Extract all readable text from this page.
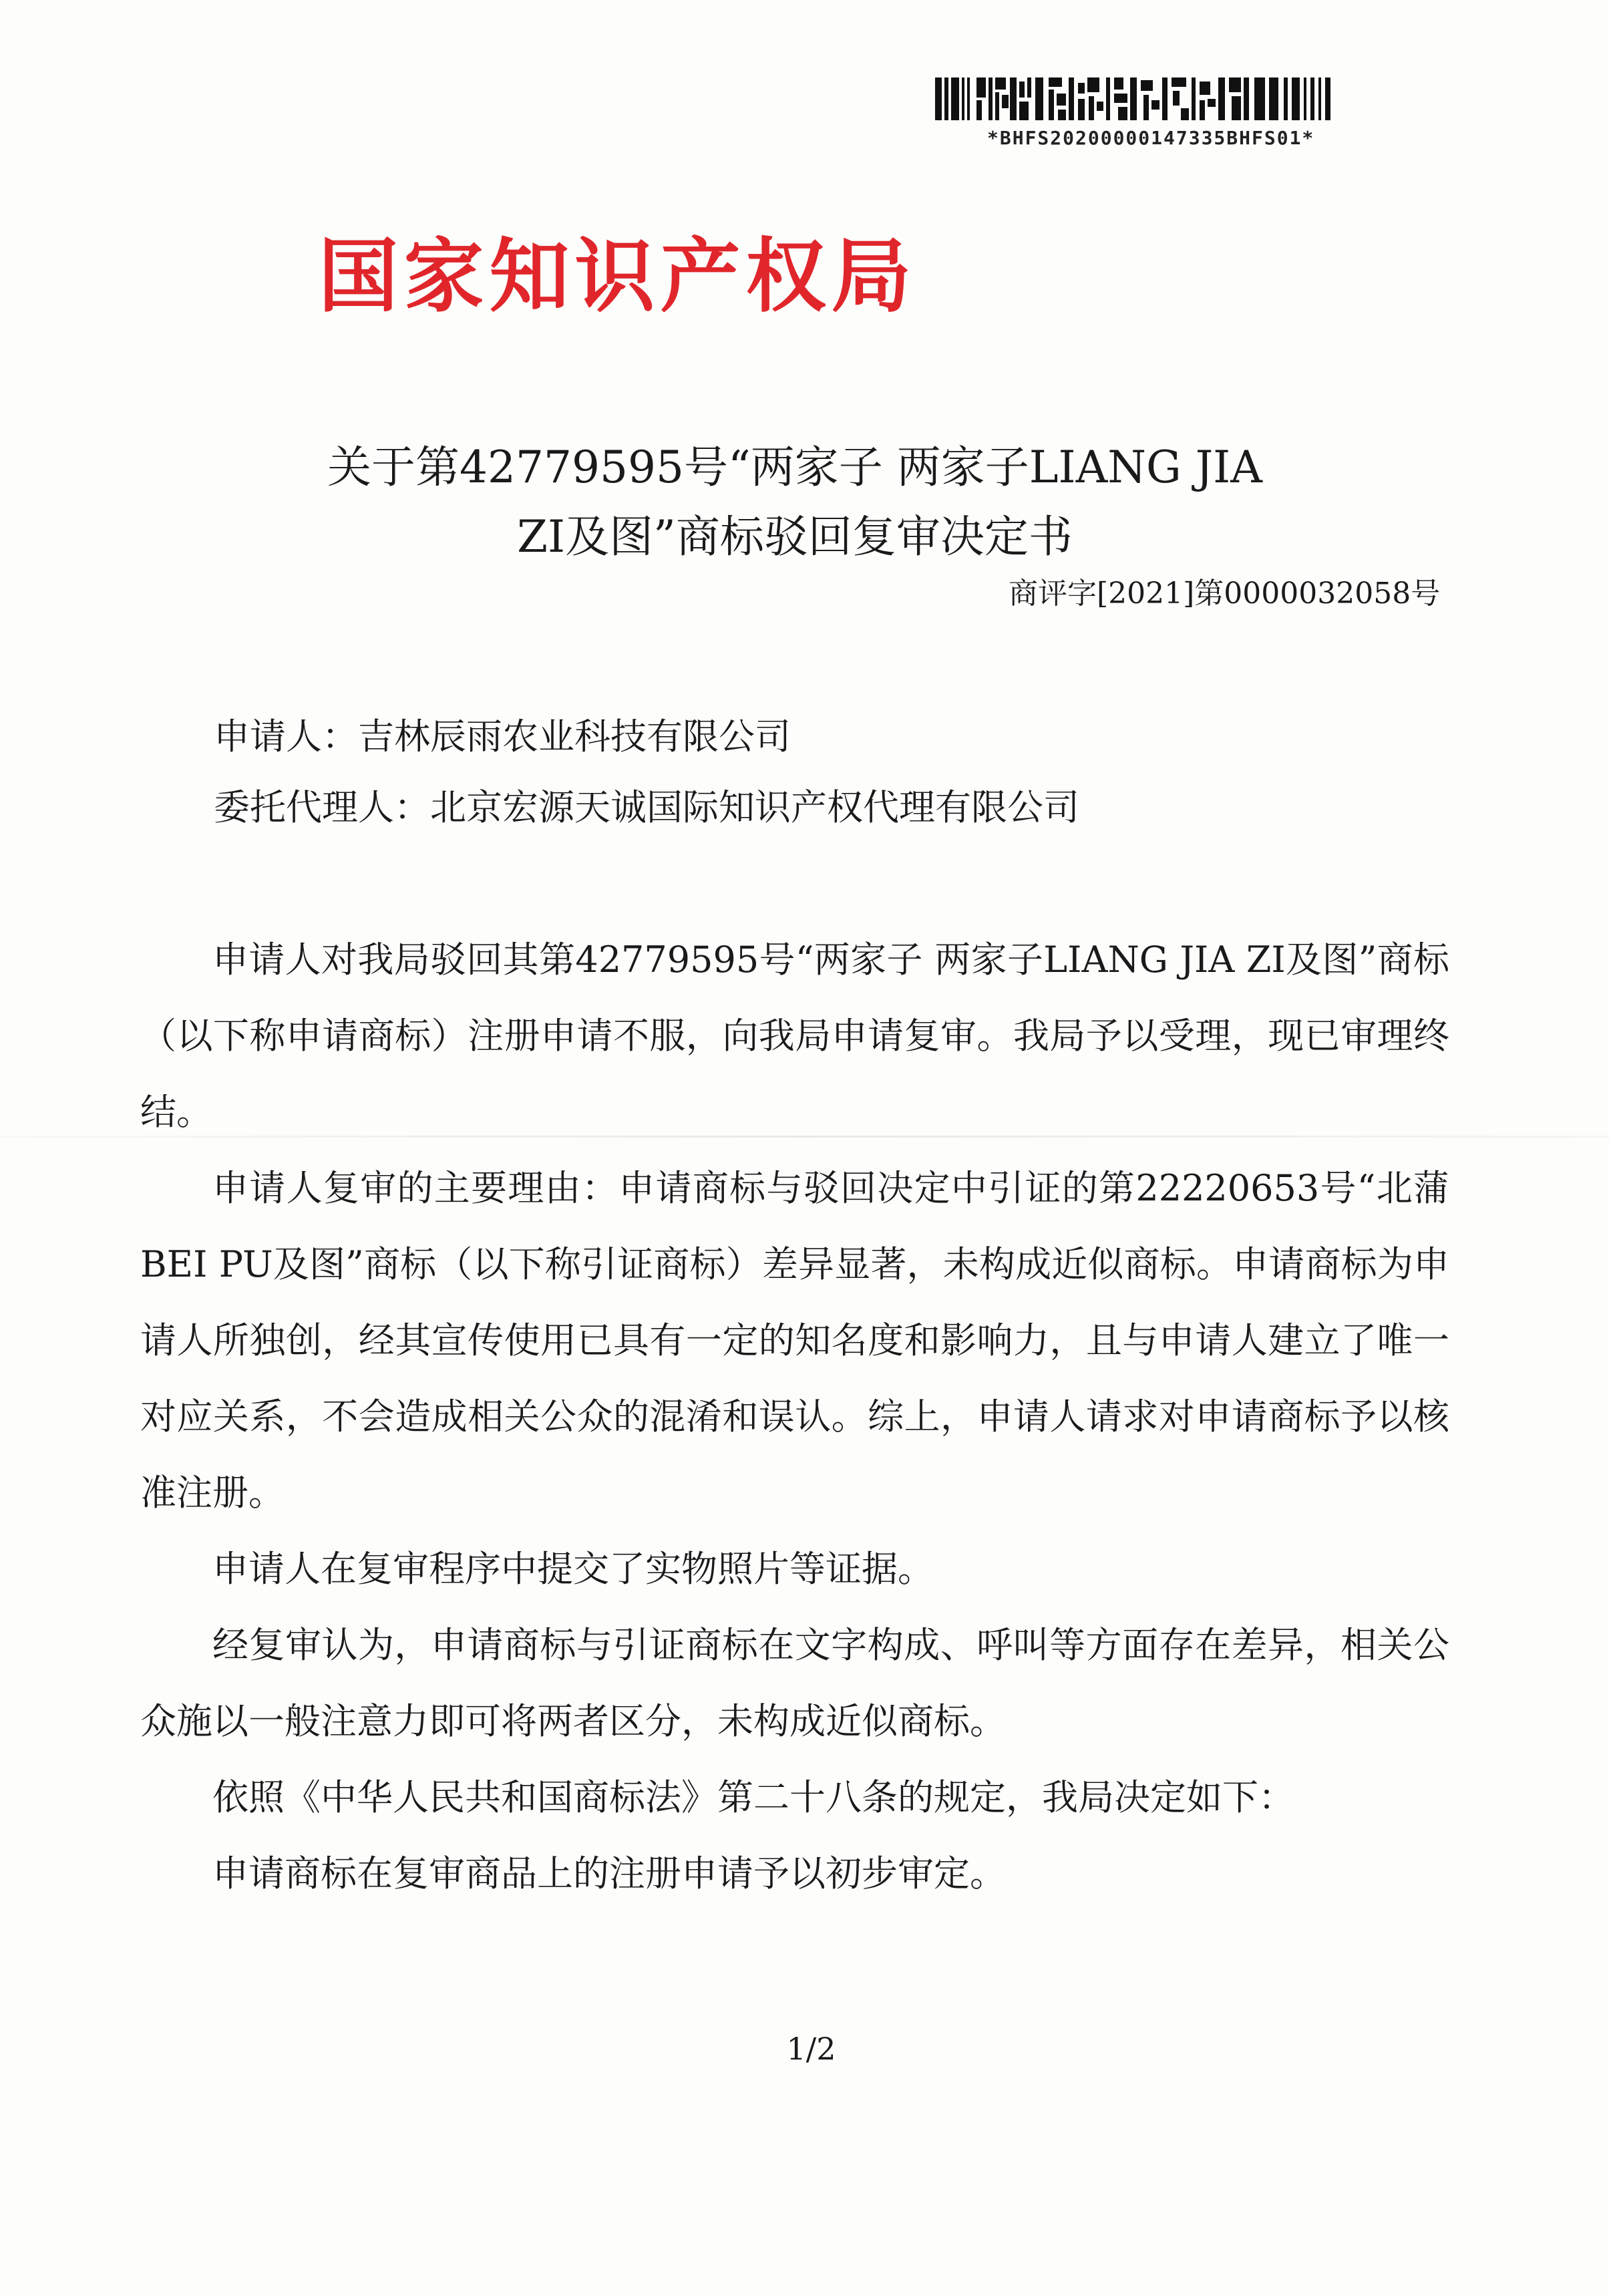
*BHFS20200000147335BHFS01*
国家知识产权局
关于第42779595号“两家子 两家子LIANG JIA
ZI及图”商标驳回复审决定书
商评字[2021]第0000032058号
申请人：吉林辰雨农业科技有限公司
委托代理人：北京宏源天诚国际知识产权代理有限公司

申请人对我局驳回其第42779595号“两家子 两家子LIANG JIA ZI及图”商标（以下称申请商标）注册申请不服，向我局申请复审。我局予以受理，现已审理终结。

申请人复审的主要理由：申请商标与驳回决定中引证的第22220653号“北蒲BEI PU及图”商标（以下称引证商标）差异显著，未构成近似商标。申请商标为申请人所独创，经其宣传使用已具有一定的知名度和影响力，且与申请人建立了唯一对应关系，不会造成相关公众的混淆和误认。综上，申请人请求对申请商标予以核准注册。

申请人在复审程序中提交了实物照片等证据。

经复审认为，申请商标与引证商标在文字构成、呼叫等方面存在差异，相关公众施以一般注意力即可将两者区分，未构成近似商标。

依照《中华人民共和国商标法》第二十八条的规定，我局决定如下：

申请商标在复审商品上的注册申请予以初步审定。

1/2
